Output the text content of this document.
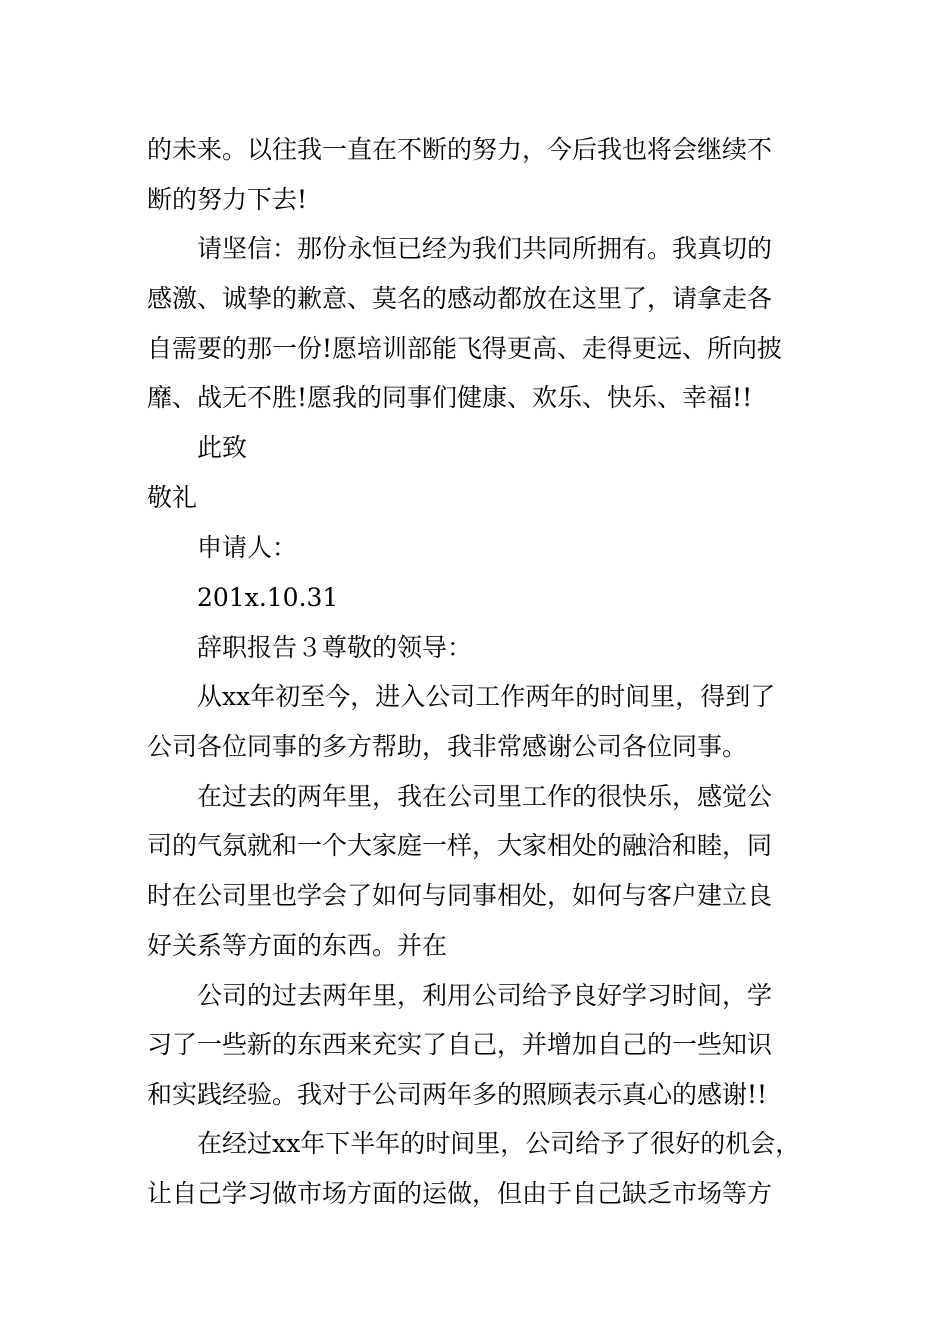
的未来。以往我一直在不断的努力，今后我也将会继续不
断的努力下去!
请坚信：那份永恒已经为我们共同所拥有。我真切的
感激、诚挚的歉意、莫名的感动都放在这里了，请拿走各
自需要的那一份!愿培训部能飞得更高、走得更远、所向披
靡、战无不胜!愿我的同事们健康、欢乐、快乐、幸福!!
此致
敬礼
申请人：
201x.10.31
辞职报告３尊敬的领导：
从xx年初至今，进入公司工作两年的时间里，得到了
公司各位同事的多方帮助，我非常感谢公司各位同事。
在过去的两年里，我在公司里工作的很快乐，感觉公
司的气氛就和一个大家庭一样，大家相处的融洽和睦，同
时在公司里也学会了如何与同事相处，如何与客户建立良
好关系等方面的东西。并在
公司的过去两年里，利用公司给予良好学习时间，学
习了一些新的东西来充实了自己，并增加自己的一些知识
和实践经验。我对于公司两年多的照顾表示真心的感谢!!
在经过xx年下半年的时间里，公司给予了很好的机会，
让自己学习做市场方面的运做，但由于自己缺乏市场等方
